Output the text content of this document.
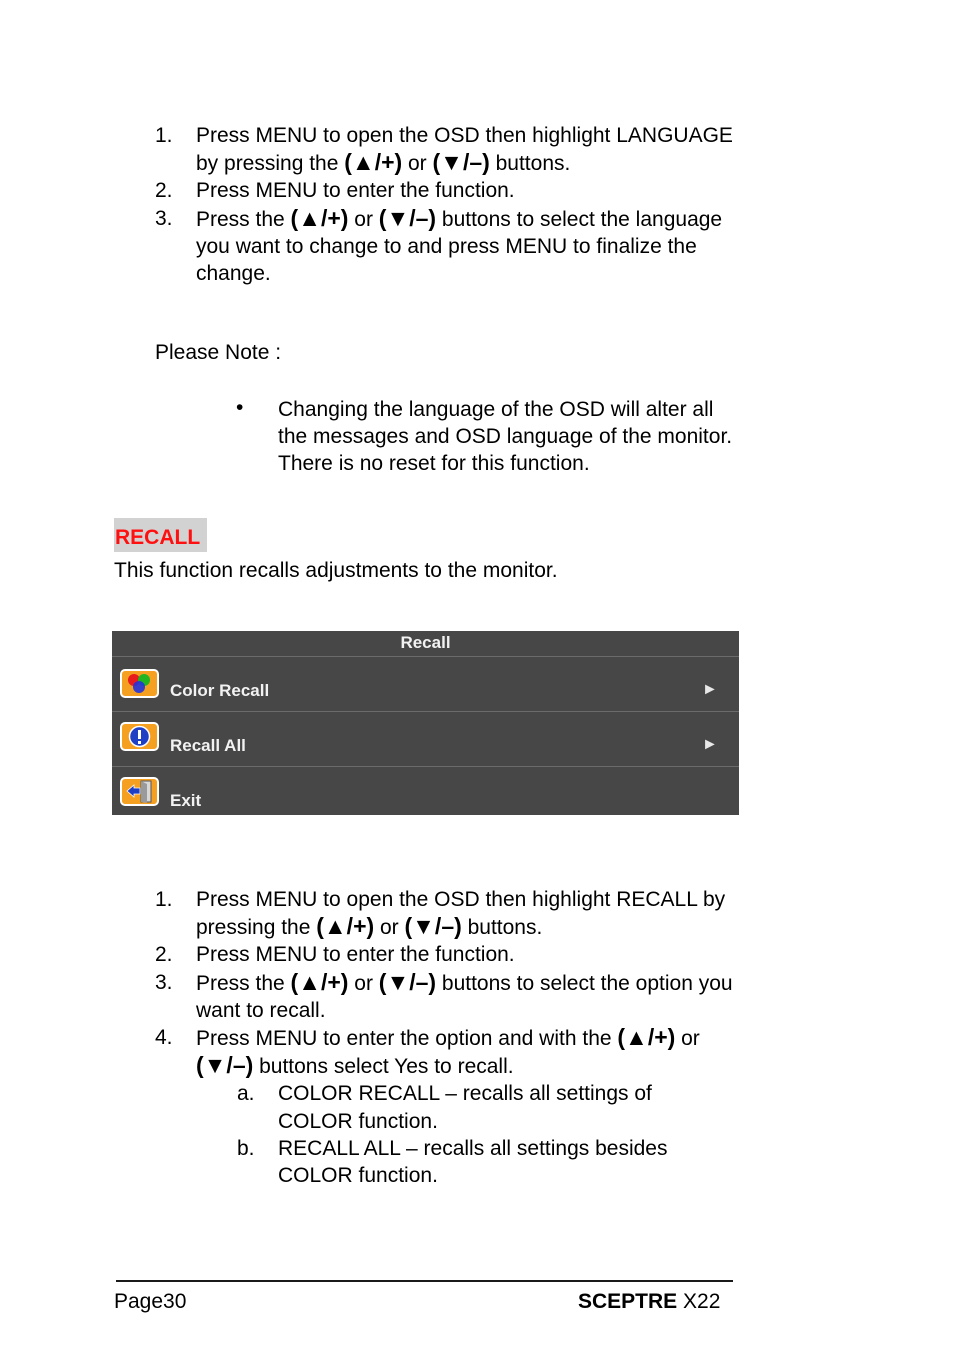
1. Press MENU to open the OSD then highlight LANGUAGE by pressing the (▲/+) or (▼/–) buttons.
2. Press MENU to enter the function.
3. Press the (▲/+) or (▼/–) buttons to select the language you want to change to and press MENU to finalize the change.
Please Note :
• Changing the language of the OSD will alter all the messages and OSD language of the monitor. There is no reset for this function.
RECALL
This function recalls adjustments to the monitor.
Recall
Color Recall	►
Recall All	►
Exit
1. Press MENU to open the OSD then highlight RECALL by pressing the (▲/+) or (▼/–) buttons.
2. Press MENU to enter the function.
3. Press the (▲/+) or (▼/–) buttons to select the option you want to recall.
4. Press MENU to enter the option and with the (▲/+) or (▼/–) buttons select Yes to recall.
a. COLOR RECALL – recalls all settings of COLOR function.
b. RECALL ALL – recalls all settings besides COLOR function.
Page30	SCEPTRE X22
